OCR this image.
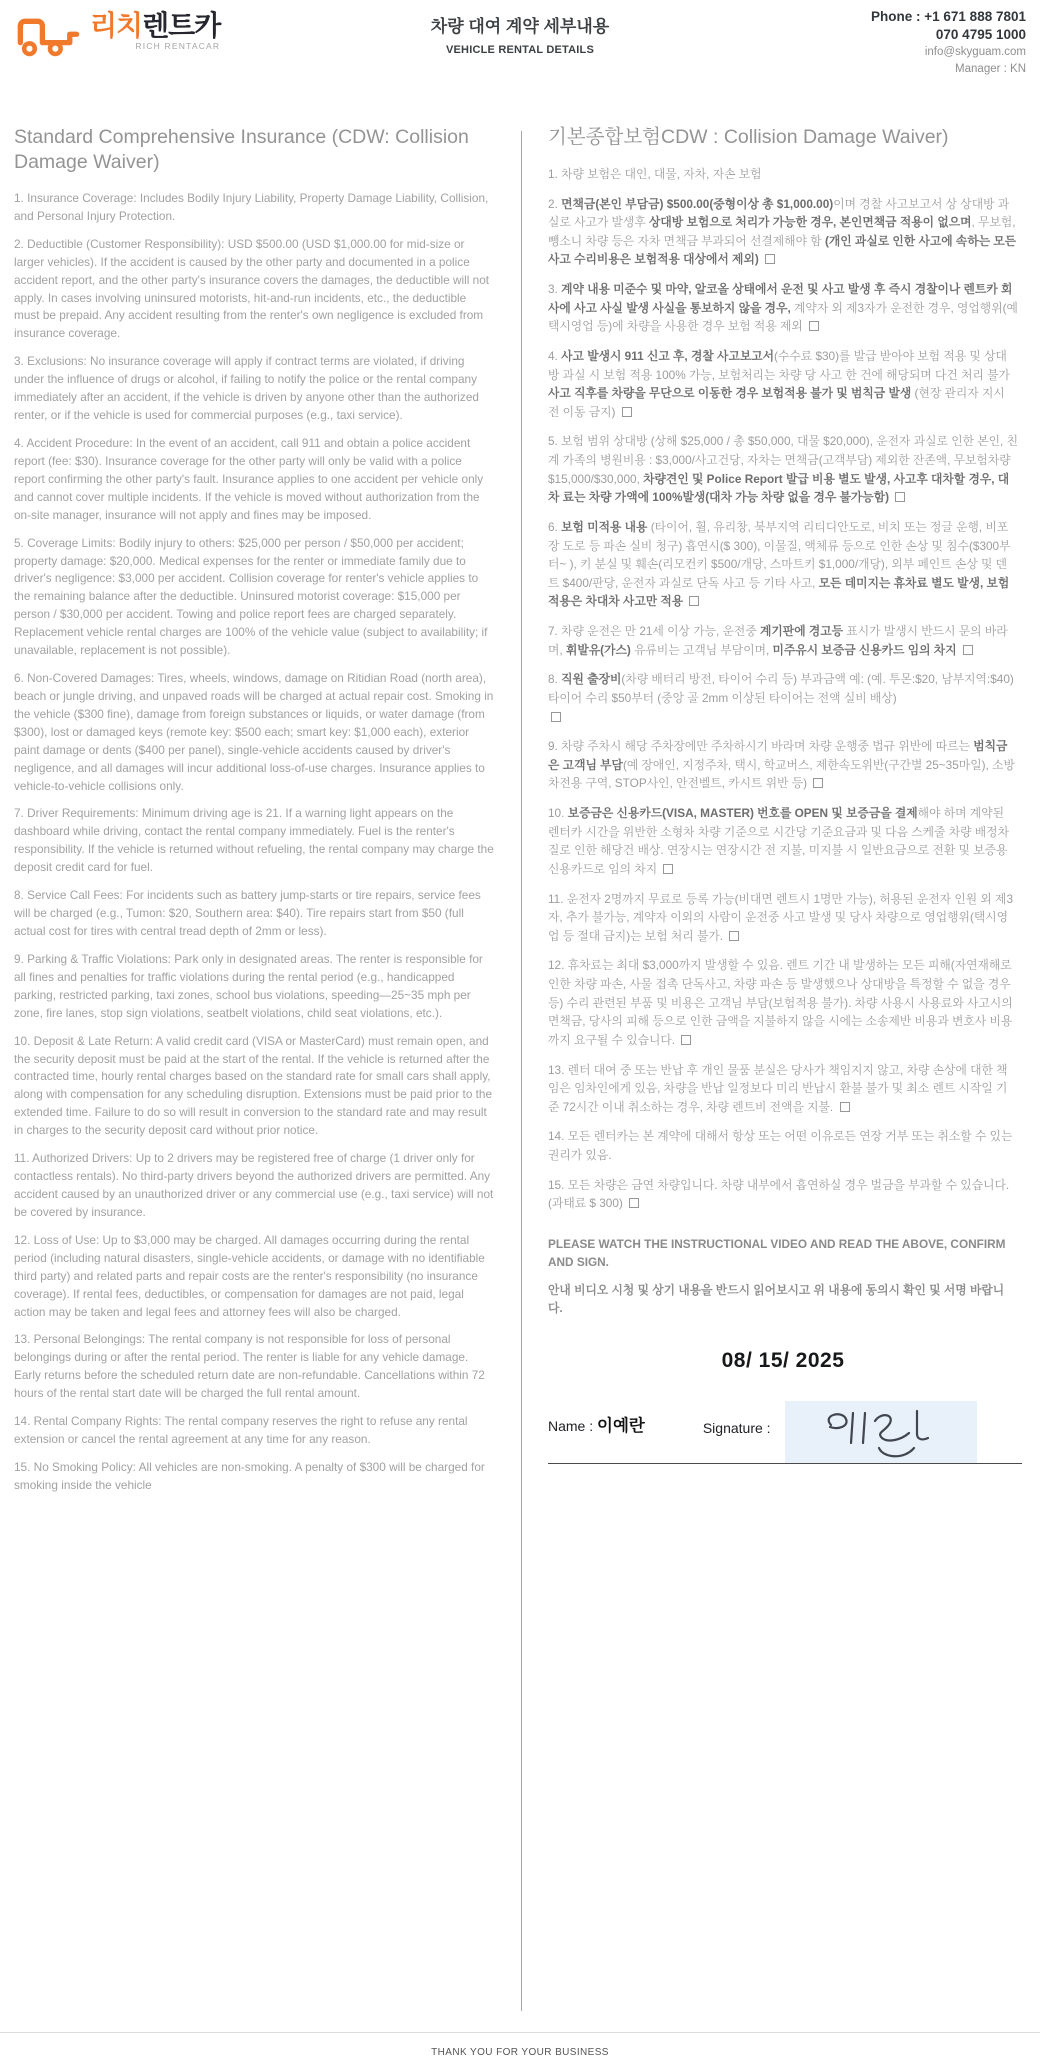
리치렌트카
RICH RENTACAR
차량 대여 계약 세부내용
VEHICLE RENTAL DETAILS
Phone : +1 671 888 7801
070 4795 1000
info@skyguam.com
Manager : KN
Standard Comprehensive Insurance (CDW: Collision Damage Waiver)

1. Insurance Coverage: Includes Bodily Injury Liability, Property Damage Liability, Collision, and Personal Injury Protection.

2. Deductible (Customer Responsibility): USD $500.00 (USD $1,000.00 for mid-size or larger vehicles). If the accident is caused by the other party and documented in a police accident report, and the other party's insurance covers the damages, the deductible will not apply. In cases involving uninsured motorists, hit-and-run incidents, etc., the deductible must be prepaid. Any accident resulting from the renter's own negligence is excluded from insurance coverage.

3. Exclusions: No insurance coverage will apply if contract terms are violated, if driving under the influence of drugs or alcohol, if failing to notify the police or the rental company immediately after an accident, if the vehicle is driven by anyone other than the authorized renter, or if the vehicle is used for commercial purposes (e.g., taxi service).

4. Accident Procedure: In the event of an accident, call 911 and obtain a police accident report (fee: $30). Insurance coverage for the other party will only be valid with a police report confirming the other party's fault. Insurance applies to one accident per vehicle only and cannot cover multiple incidents. If the vehicle is moved without authorization from the on-site manager, insurance will not apply and fines may be imposed.

5. Coverage Limits: Bodily injury to others: $25,000 per person / $50,000 per accident; property damage: $20,000. Medical expenses for the renter or immediate family due to driver's negligence: $3,000 per accident. Collision coverage for renter's vehicle applies to the remaining balance after the deductible. Uninsured motorist coverage: $15,000 per person / $30,000 per accident. Towing and police report fees are charged separately. Replacement vehicle rental charges are 100% of the vehicle value (subject to availability; if unavailable, replacement is not possible).

6. Non-Covered Damages: Tires, wheels, windows, damage on Ritidian Road (north area), beach or jungle driving, and unpaved roads will be charged at actual repair cost. Smoking in the vehicle ($300 fine), damage from foreign substances or liquids, or water damage (from $300), lost or damaged keys (remote key: $500 each; smart key: $1,000 each), exterior paint damage or dents ($400 per panel), single-vehicle accidents caused by driver's negligence, and all damages will incur additional loss-of-use charges. Insurance applies to vehicle-to-vehicle collisions only.

7. Driver Requirements: Minimum driving age is 21. If a warning light appears on the dashboard while driving, contact the rental company immediately. Fuel is the renter's responsibility. If the vehicle is returned without refueling, the rental company may charge the deposit credit card for fuel.

8. Service Call Fees: For incidents such as battery jump-starts or tire repairs, service fees will be charged (e.g., Tumon: $20, Southern area: $40). Tire repairs start from $50 (full actual cost for tires with central tread depth of 2mm or less).

9. Parking & Traffic Violations: Park only in designated areas. The renter is responsible for all fines and penalties for traffic violations during the rental period (e.g., handicapped parking, restricted parking, taxi zones, school bus violations, speeding—25~35 mph per zone, fire lanes, stop sign violations, seatbelt violations, child seat violations, etc.).

10. Deposit & Late Return: A valid credit card (VISA or MasterCard) must remain open, and the security deposit must be paid at the start of the rental. If the vehicle is returned after the contracted time, hourly rental charges based on the standard rate for small cars shall apply, along with compensation for any scheduling disruption. Extensions must be paid prior to the extended time. Failure to do so will result in conversion to the standard rate and may result in charges to the security deposit card without prior notice.

11. Authorized Drivers: Up to 2 drivers may be registered free of charge (1 driver only for contactless rentals). No third-party drivers beyond the authorized drivers are permitted. Any accident caused by an unauthorized driver or any commercial use (e.g., taxi service) will not be covered by insurance.

12. Loss of Use: Up to $3,000 may be charged. All damages occurring during the rental period (including natural disasters, single-vehicle accidents, or damage with no identifiable third party) and related parts and repair costs are the renter's responsibility (no insurance coverage). If rental fees, deductibles, or compensation for damages are not paid, legal action may be taken and legal fees and attorney fees will also be charged.

13. Personal Belongings: The rental company is not responsible for loss of personal belongings during or after the rental period. The renter is liable for any vehicle damage. Early returns before the scheduled return date are non-refundable. Cancellations within 72 hours of the rental start date will be charged the full rental amount.

14. Rental Company Rights: The rental company reserves the right to refuse any rental extension or cancel the rental agreement at any time for any reason.

15. No Smoking Policy: All vehicles are non-smoking. A penalty of $300 will be charged for smoking inside the vehicle

기본종합보험CDW : Collision Damage Waiver)

1. 차량 보험은 대인, 대물, 자차, 자손 보험

2. 면책금(본인 부담금) $500.00(중형이상 총 $1,000.00)이며 경찰 사고보고서 상 상대방 과실로 사고가 발생후 상대방 보험으로 처리가 가능한 경우, 본인면책금 적용이 없으며, 무보험, 뺑소니 차량 등은 자차 면책금 부과되어 선결제해야 함 (개인 과실로 인한 사고에 속하는 모든 사고 수리비용은 보험적용 대상에서 제외)

3. 계약 내용 미준수 및 마약, 알코올 상태에서 운전 및 사고 발생 후 즉시 경찰이나 렌트카 회사에 사고 사실 발생 사실을 통보하지 않을 경우, 계약자 외 제3자가 운전한 경우, 영업행위(예 택시영업 등)에 차량을 사용한 경우 보험 적용 제외

4. 사고 발생시 911 신고 후, 경찰 사고보고서(수수료 $30)를 발급 받아야 보험 적용 및 상대방 과실 시 보험 적용 100% 가능, 보험처리는 차량 당 사고 한 건에 해당되며 다건 처리 불가 사고 직후를 차량을 무단으로 이동한 경우 보험적용 불가 및 범칙금 발생 (현장 관리자 지시 전 이동 금지)

5. 보험 범위 상대방 (상해 $25,000 / 총 $50,000, 대물 $20,000), 운전자 과실로 인한 본인, 친계 가족의 병원비용 : $3,000/사고건당, 자차는 면책금(고객부담) 제외한 잔존액, 무보험차량 $15,000/$30,000, 차량견인 및 Police Report 발급 비용 별도 발생, 사고후 대차할 경우, 대차 료는 차량 가액에 100%발생(대차 가능 차량 없을 경우 불가능함)

6. 보험 미적용 내용 (타이어, 휠, 유리창, 북부지역 리티디안도로, 비치 또는 정글 운행, 비포장 도로 등 파손 실비 청구) 흡연시($ 300), 이물질, 액체류 등으로 인한 손상 및 침수($300부터~ ), 키 분실 및 훼손(리모컨키 $500/개당, 스마트키 $1,000/개당), 외부 페인트 손상 및 덴트 $400/판당, 운전자 과실로 단독 사고 등 기타 사고, 모든 데미지는 휴차료 별도 발생, 보험적용은 차대차 사고만 적용

7. 차량 운전은 만 21세 이상 가능, 운전중 계기판에 경고등 표시가 발생시 반드시 문의 바라며, 휘발유(가스) 유류비는 고객님 부담이며, 미주유시 보증금 신용카드 임의 차지

8. 직원 출장비(차량 배터리 방전, 타이어 수리 등) 부과금액 예: (예. 투몬:$20, 남부지역:$40) 타이어 수리 $50부터 (중앙 골 2mm 이상된 타이어는 전액 실비 배상)

9. 차량 주차시 해당 주차장에만 주차하시기 바라며 차량 운행중 법규 위반에 따르는 범칙금은 고객님 부담(예 장애인, 지정주차, 택시, 학교버스, 제한속도위반(구간별 25~35마일), 소방차전용 구역, STOP사인, 안전벨트, 카시트 위반 등)

10. 보증금은 신용카드(VISA, MASTER) 번호를 OPEN 및 보증금을 결제해야 하며 계약된 렌터카 시간을 위반한 소형차 차량 기준으로 시간당 기준요금과 및 다음 스케줄 차량 배정차질로 인한 해당건 배상. 연장시는 연장시간 전 지불, 미지불 시 일반요금으로 전환 및 보증용 신용카드로 임의 차지

11. 운전자 2명까지 무료로 등록 가능(비대면 렌트시 1명만 가능), 허용된 운전자 인원 외 제3자, 추가 불가능, 계약자 이외의 사람이 운전중 사고 발생 및 당사 차량으로 영업행위(택시영업 등 절대 금지)는 보험 처리 불가.

12. 휴차료는 최대 $3,000까지 발생할 수 있음. 렌트 기간 내 발생하는 모든 피해(자연재해로 인한 차량 파손, 사물 접촉 단독사고, 차량 파손 등 발생했으나 상대방을 특정할 수 없을 경우 등) 수리 관련된 부품 및 비용은 고객님 부담(보험적용 불가). 차량 사용시 사용료와 사고시의 면책금, 당사의 피해 등으로 인한 금액을 지불하지 않을 시에는 소송제반 비용과 변호사 비용까지 요구될 수 있습니다.

13. 렌터 대여 중 또는 반납 후 개인 물품 분실은 당사가 책임지지 않고, 차량 손상에 대한 책임은 임차인에게 있음, 차량을 반납 일정보다 미리 반납시 환불 불가 및 최소 렌트 시작일 기준 72시간 이내 취소하는 경우, 차량 렌트비 전액을 지불.

14. 모든 렌터카는 본 계약에 대해서 항상 또는 어떤 이유로든 연장 거부 또는 취소할 수 있는 권리가 있음.

15. 모든 차량은 금연 차량입니다. 차량 내부에서 흡연하실 경우 벌금을 부과할 수 있습니다. (과태료 $ 300)

PLEASE WATCH THE INSTRUCTIONAL VIDEO AND READ THE ABOVE, CONFIRM AND SIGN.

안내 비디오 시청 및 상기 내용을 반드시 읽어보시고 위 내용에 동의시 확인 및 서명 바랍니다.

08/ 15/ 2025
Name : 이예란	Signature :
THANK YOU FOR YOUR BUSINESS
